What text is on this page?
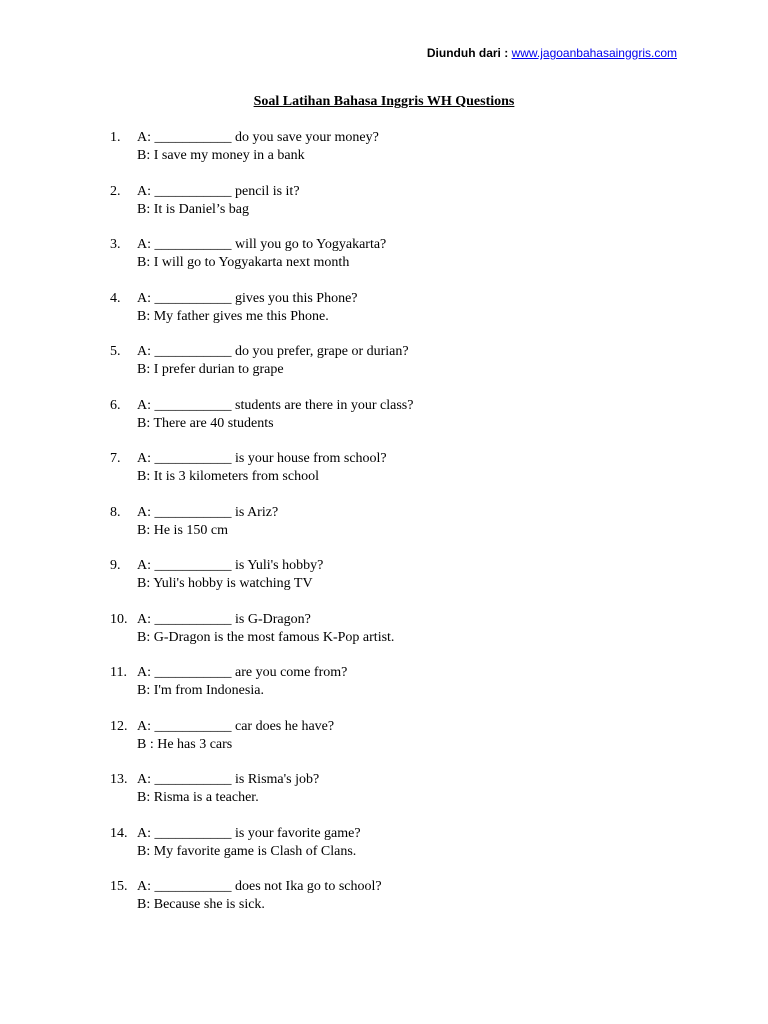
Diunduh dari : www.jagoanbahasainggris.com
Soal Latihan Bahasa Inggris WH Questions
1. A: ___________ do you save your money?
B: I save my money in a bank
2. A: ___________ pencil is it?
B: It is Daniel’s bag
3. A: ___________ will you go to Yogyakarta?
B: I will go to Yogyakarta next month
4. A: ___________ gives you this Phone?
B: My father gives me this Phone.
5. A: ___________ do you prefer, grape or durian?
B: I prefer durian to grape
6. A: ___________ students are there in your class?
B: There are 40 students
7. A: ___________ is your house from school?
B: It is 3 kilometers from school
8. A: ___________ is Ariz?
B: He is 150 cm
9. A: ___________ is Yuli's hobby?
B: Yuli's hobby is watching TV
10. A: ___________ is G-Dragon?
B: G-Dragon is the most famous K-Pop artist.
11. A: ___________ are you come from?
B: I'm from Indonesia.
12. A: ___________ car does he have?
B : He has 3 cars
13. A: ___________ is Risma's job?
B: Risma is a teacher.
14. A: ___________ is your favorite game?
B: My favorite game is Clash of Clans.
15. A: ___________ does not Ika go to school?
B: Because she is sick.
